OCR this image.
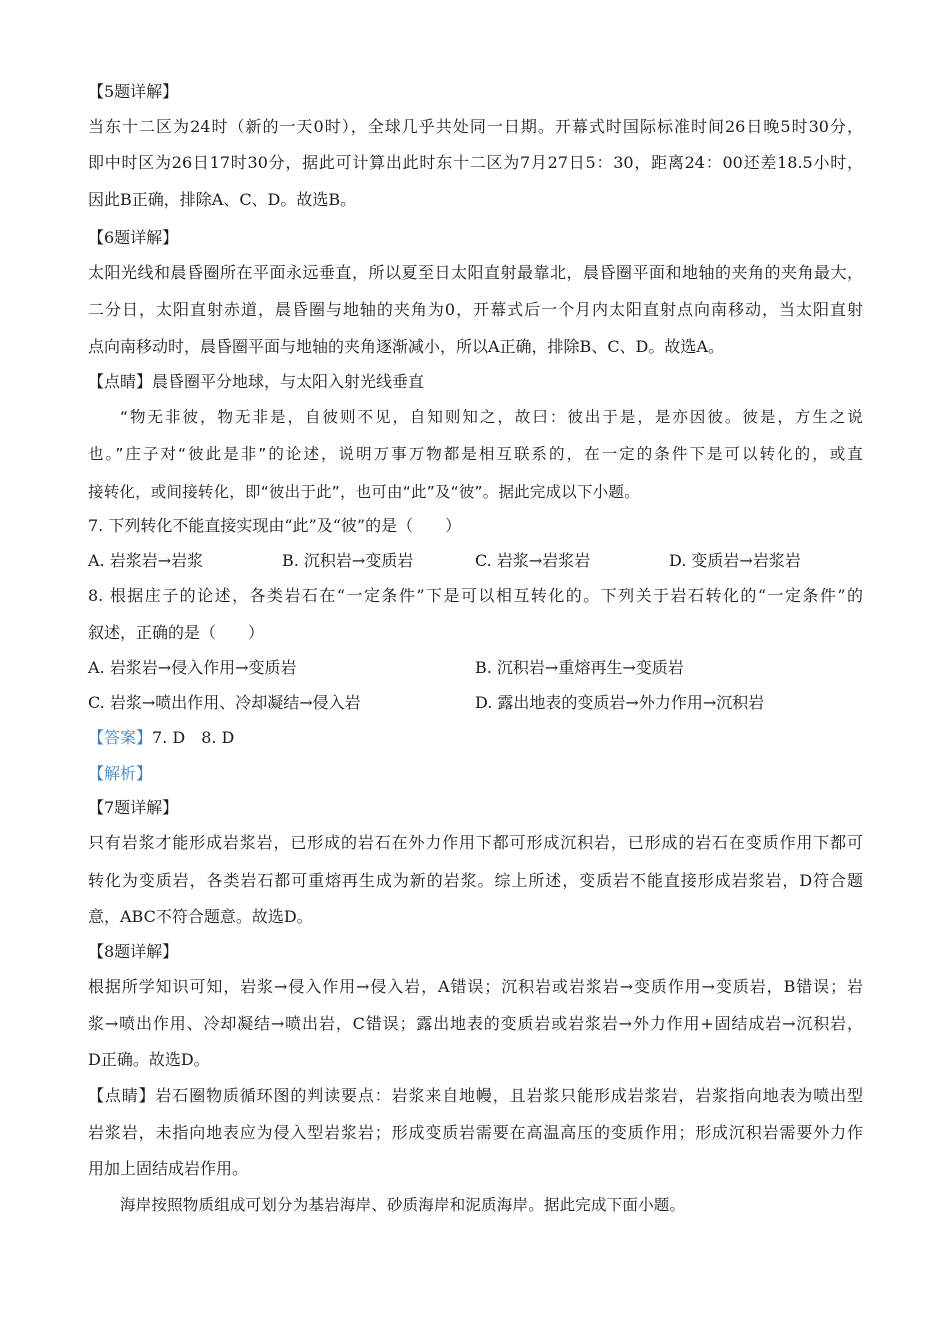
【5题详解】
当东十二区为24时（新的一天0时），全球几乎共处同一日期。开幕式时国际标准时间26日晚5时30分，
即中时区为26日17时30分，据此可计算出此时东十二区为7月27日5：30，距离24：00还差18.5小时，
因此B正确，排除A、C、D。故选B。
【6题详解】
太阳光线和晨昏圈所在平面永远垂直，所以夏至日太阳直射最靠北，晨昏圈平面和地轴的夹角的夹角最大，
二分日，太阳直射赤道，晨昏圈与地轴的夹角为0，开幕式后一个月内太阳直射点向南移动，当太阳直射
点向南移动时，晨昏圈平面与地轴的夹角逐渐减小，所以A正确，排除B、C、D。故选A。
【点睛】晨昏圈平分地球，与太阳入射光线垂直
“物无非彼，物无非是，自彼则不见，自知则知之，故曰：彼出于是，是亦因彼。彼是，方生之说
也。”庄子对“彼此是非”的论述，说明万事万物都是相互联系的，在一定的条件下是可以转化的，或直
接转化，或间接转化，即“彼出于此”，也可由“此”及“彼”。据此完成以下小题。
7. 下列转化不能直接实现由“此”及“彼”的是（　　）
A. 岩浆岩→岩浆	B. 沉积岩→变质岩	C. 岩浆→岩浆岩	D. 变质岩→岩浆岩
8. 根据庄子的论述，各类岩石在“一定条件”下是可以相互转化的。下列关于岩石转化的“一定条件”的
叙述，正确的是（　　）
A. 岩浆岩→侵入作用→变质岩	B. 沉积岩→重熔再生→变质岩
C. 岩浆→喷出作用、冷却凝结→侵入岩	D. 露出地表的变质岩→外力作用→沉积岩
【答案】7. D　8. D
【解析】
【7题详解】
只有岩浆才能形成岩浆岩，已形成的岩石在外力作用下都可形成沉积岩，已形成的岩石在变质作用下都可
转化为变质岩，各类岩石都可重熔再生成为新的岩浆。综上所述，变质岩不能直接形成岩浆岩，D符合题
意，ABC不符合题意。故选D。
【8题详解】
根据所学知识可知，岩浆→侵入作用→侵入岩，A错误；沉积岩或岩浆岩→变质作用→变质岩，B错误；岩
浆→喷出作用、冷却凝结→喷出岩，C错误；露出地表的变质岩或岩浆岩→外力作用+固结成岩→沉积岩，
D正确。故选D。
【点睛】岩石圈物质循环图的判读要点：岩浆来自地幔，且岩浆只能形成岩浆岩，岩浆指向地表为喷出型
岩浆岩，未指向地表应为侵入型岩浆岩；形成变质岩需要在高温高压的变质作用；形成沉积岩需要外力作
用加上固结成岩作用。
海岸按照物质组成可划分为基岩海岸、砂质海岸和泥质海岸。据此完成下面小题。
